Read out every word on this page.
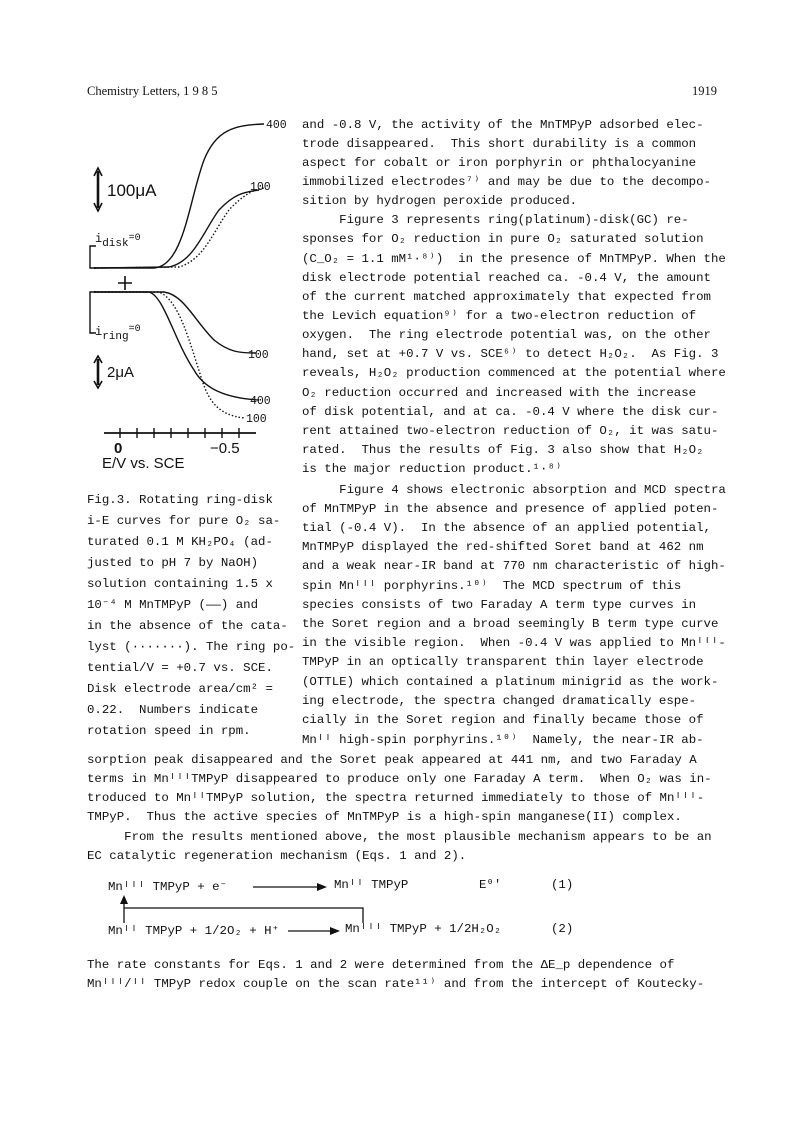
Chemistry Letters, 1 9 8 5	1919
400
100
100μA
idisk$^{=0}$
iring$^{=0}$
2μA
100
400
100
0	−0.5
E/V vs. SCE
Fig.3. Rotating ring-disk
i-E curves for pure O₂ sa-
turated 0.1 M KH₂PO₄ (ad-
justed to pH 7 by NaOH)
solution containing 1.5 x
10⁻⁴ M MnTMPyP (——) and
in the absence of the cata-
lyst (·······). The ring po-
tential/V = +0.7 vs. SCE.
Disk electrode area/cm² =
0.22.  Numbers indicate
rotation speed in rpm.
and -0.8 V, the activity of the MnTMPyP adsorbed elec-
trode disappeared.  This short durability is a common
aspect for cobalt or iron porphyrin or phthalocyanine
immobilized electrodes⁷⁾ and may be due to the decompo-
sition by hydrogen peroxide produced.
Figure 3 represents ring(platinum)-disk(GC) re-
sponses for O₂ reduction in pure O₂ saturated solution
(C_O₂ = 1.1 mM¹·⁸⁾)  in the presence of MnTMPyP. When the
disk electrode potential reached ca. -0.4 V, the amount
of the current matched approximately that expected from
the Levich equation⁹⁾ for a two-electron reduction of
oxygen.  The ring electrode potential was, on the other
hand, set at +0.7 V vs. SCE⁶⁾ to detect H₂O₂.  As Fig. 3
reveals, H₂O₂ production commenced at the potential where
O₂ reduction occurred and increased with the increase
of disk potential, and at ca. -0.4 V where the disk cur-
rent attained two-electron reduction of O₂, it was satu-
rated.  Thus the results of Fig. 3 also show that H₂O₂
is the major reduction product.¹·⁸⁾
Figure 4 shows electronic absorption and MCD spectra
of MnTMPyP in the absence and presence of applied poten-
tial (-0.4 V).  In the absence of an applied potential,
MnTMPyP displayed the red-shifted Soret band at 462 nm
and a weak near-IR band at 770 nm characteristic of high-
spin Mnᴵᴵᴵ porphyrins.¹⁰⁾  The MCD spectrum of this
species consists of two Faraday A term type curves in
the Soret region and a broad seemingly B term type curve
in the visible region.  When -0.4 V was applied to Mnᴵᴵᴵ-
TMPyP in an optically transparent thin layer electrode
(OTTLE) which contained a platinum minigrid as the work-
ing electrode, the spectra changed dramatically espe-
cially in the Soret region and finally became those of
Mnᴵᴵ high-spin porphyrins.¹⁰⁾  Namely, the near-IR ab-
sorption peak disappeared and the Soret peak appeared at 441 nm, and two Faraday A
terms in MnᴵᴵᴵTMPyP disappeared to produce only one Faraday A term.  When O₂ was in-
troduced to MnᴵᴵTMPyP solution, the spectra returned immediately to those of Mnᴵᴵᴵ-
TMPyP.  Thus the active species of MnTMPyP is a high-spin manganese(II) complex.
From the results mentioned above, the most plausible mechanism appears to be an
EC catalytic regeneration mechanism (Eqs. 1 and 2).
Mnᴵᴵᴵ TMPyP + e⁻	Mnᴵᴵ TMPyP	E⁰'	(1)
Mnᴵᴵ TMPyP + 1/2O₂ + H⁺	Mnᴵᴵᴵ TMPyP + 1/2H₂O₂	(2)
The rate constants for Eqs. 1 and 2 were determined from the ΔE_p dependence of
Mnᴵᴵᴵ/ᴵᴵ TMPyP redox couple on the scan rate¹¹⁾ and from the intercept of Koutecky-
